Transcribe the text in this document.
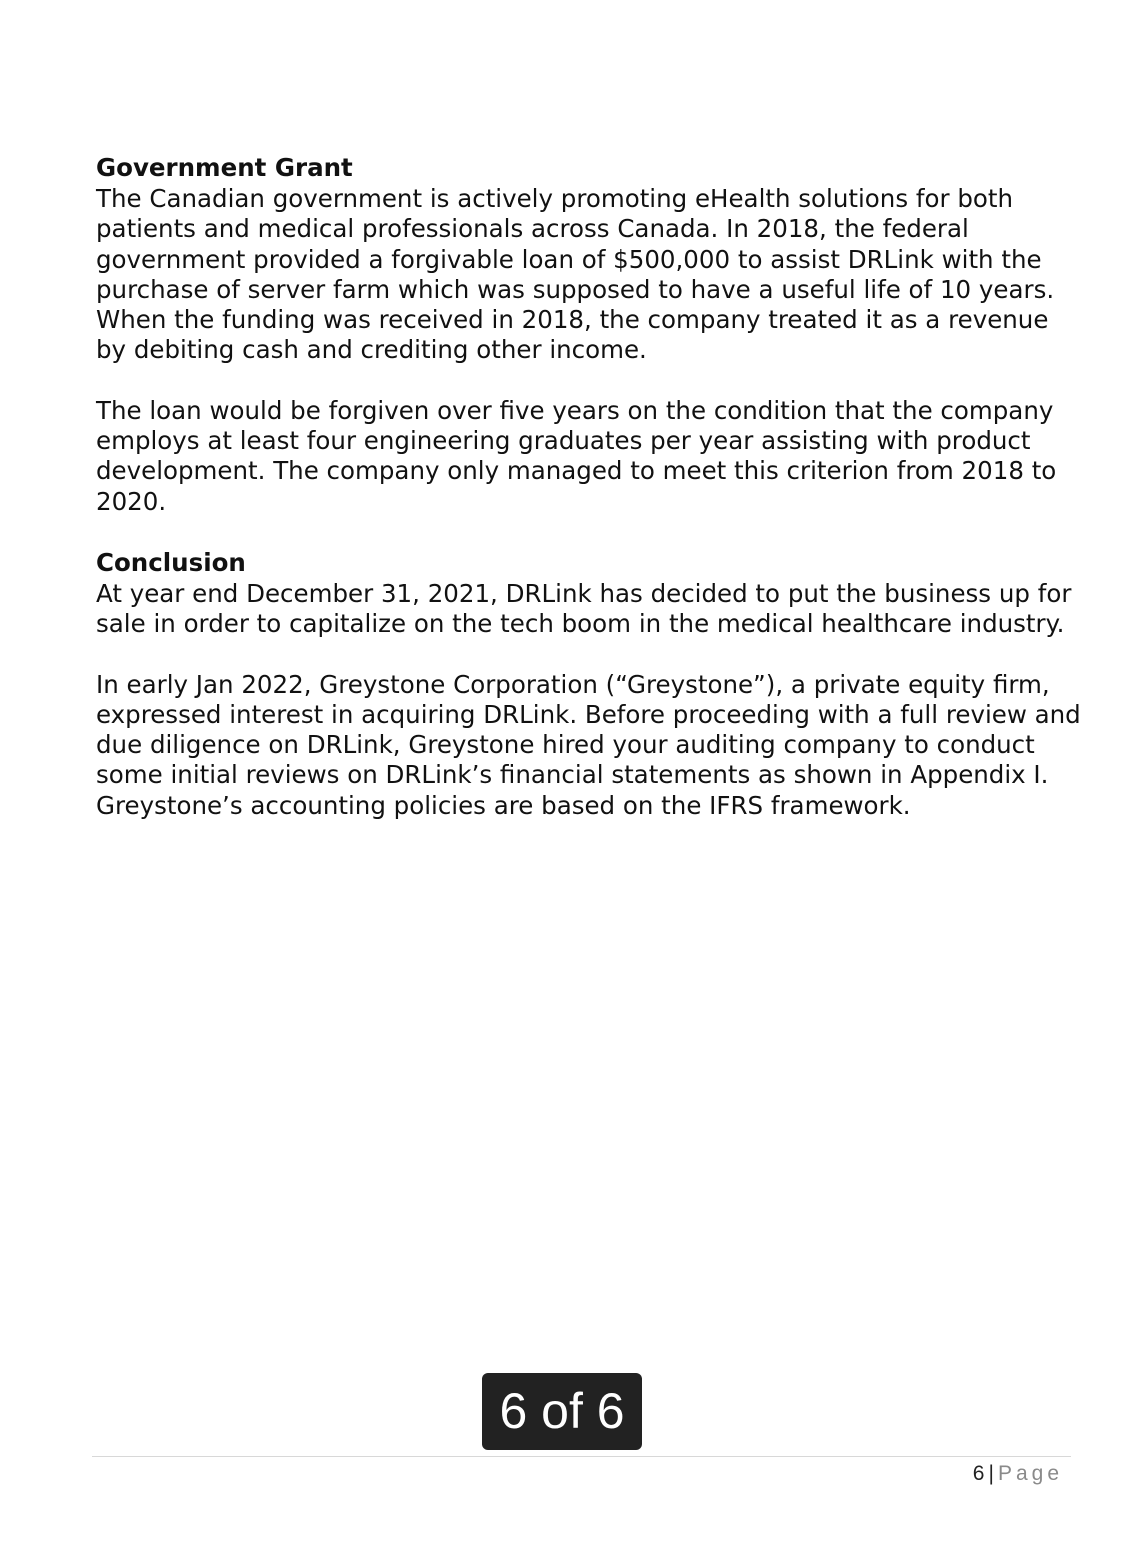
Government Grant

The Canadian government is actively promoting eHealth solutions for both patients and medical professionals across Canada. In 2018, the federal government provided a forgivable loan of $500,000 to assist DRLink with the purchase of server farm which was supposed to have a useful life of 10 years. When the funding was received in 2018, the company treated it as a revenue by debiting cash and crediting other income.

The loan would be forgiven over five years on the condition that the company employs at least four engineering graduates per year assisting with product development. The company only managed to meet this criterion from 2018 to 2020.

Conclusion

At year end December 31, 2021, DRLink has decided to put the business up for sale in order to capitalize on the tech boom in the medical healthcare industry.

In early Jan 2022, Greystone Corporation (“Greystone”), a private equity firm, expressed interest in acquiring DRLink. Before proceeding with a full review and due diligence on DRLink, Greystone hired your auditing company to conduct some initial reviews on DRLink’s financial statements as shown in Appendix I. Greystone’s accounting policies are based on the IFRS framework.

6 of 6
6 | Page
